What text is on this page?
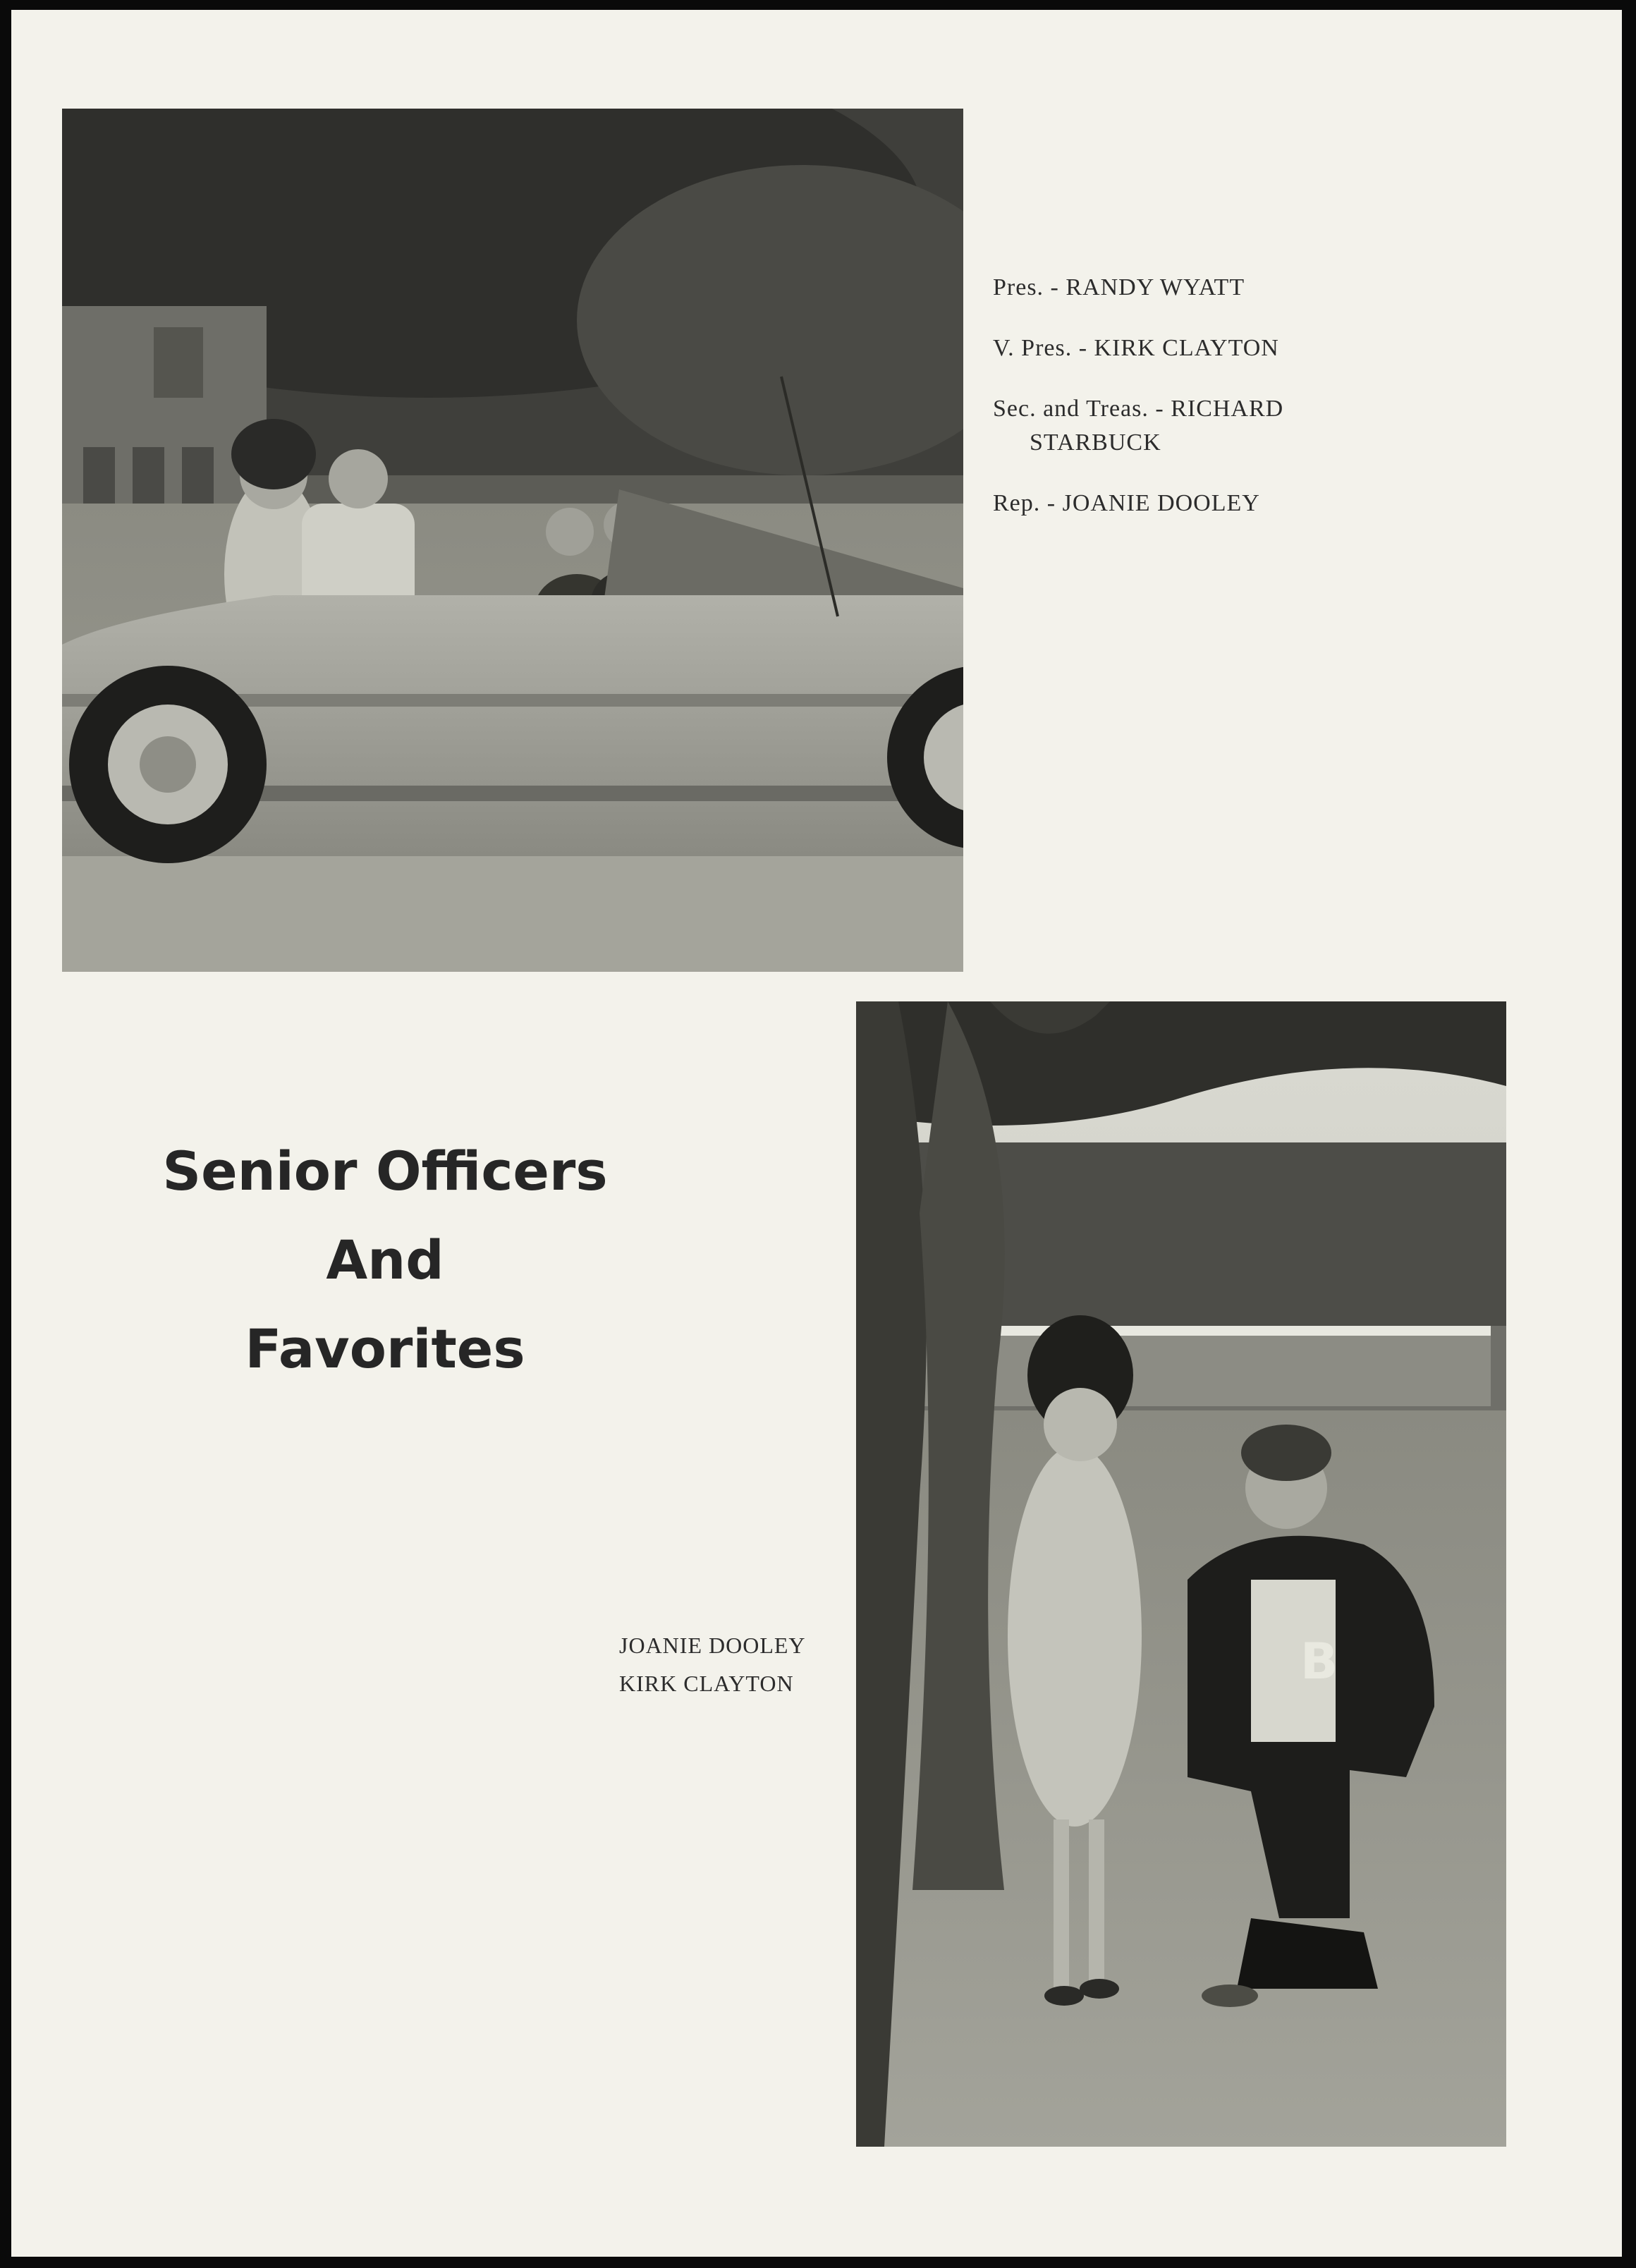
Pres. - RANDY WYATT
V. Pres. - KIRK CLAYTON
Sec. and Treas. - RICHARD
STARBUCK
Rep. - JOANIE DOOLEY
Senior Officers
And
Favorites
JOANIE DOOLEY
KIRK CLAYTON	B
